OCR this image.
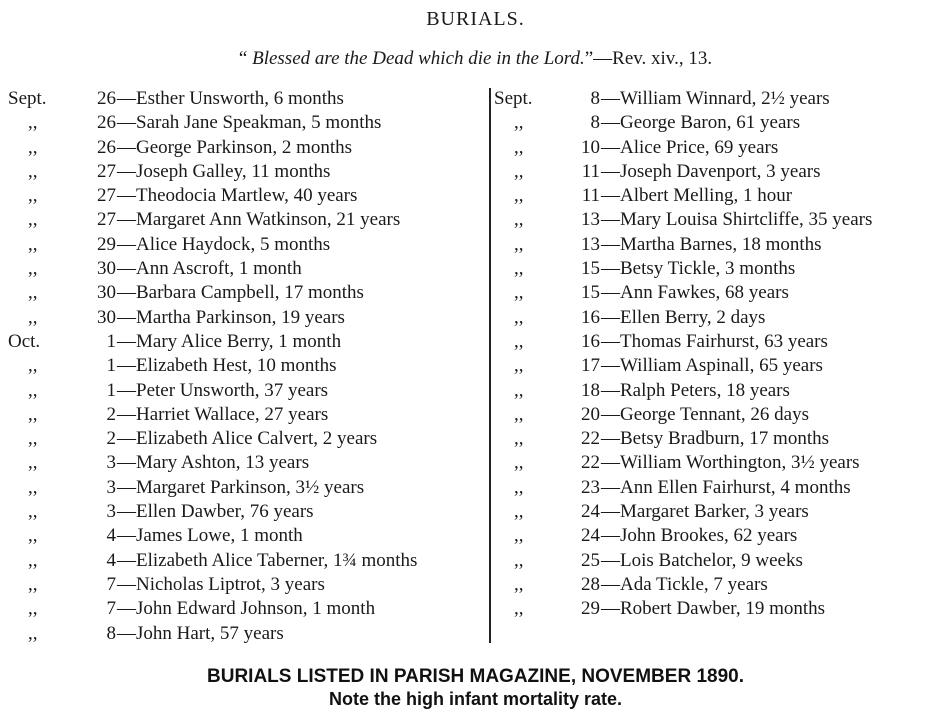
BURIALS.
“ Blessed are the Dead which die in the Lord.”—Rev. xiv., 13.
Sept.	26 —Esther Unsworth, 6 months
,,	26 —Sarah Jane Speakman, 5 months
,,	26 —George Parkinson, 2 months
,,	27 —Joseph Galley, 11 months
,,	27 —Theodocia Martlew, 40 years
,,	27 —Margaret Ann Watkinson, 21 years
,,	29 —Alice Haydock, 5 months
,,	30 —Ann Ascroft, 1 month
,,	30 —Barbara Campbell, 17 months
,,	30 —Martha Parkinson, 19 years
Oct.	1 —Mary Alice Berry, 1 month
,,	1 —Elizabeth Hest, 10 months
,,	1 —Peter Unsworth, 37 years
,,	2 —Harriet Wallace, 27 years
,,	2 —Elizabeth Alice Calvert, 2 years
,,	3 —Mary Ashton, 13 years
,,	3 —Margaret Parkinson, 3½ years
,,	3 —Ellen Dawber, 76 years
,,	4 —James Lowe, 1 month
,,	4 —Elizabeth Alice Taberner, 1¾ months
,,	7 —Nicholas Liptrot, 3 years
,,	7 —John Edward Johnson, 1 month
,,	8 —John Hart, 57 years
Sept.	8 —William Winnard, 2½ years
,,	8 —George Baron, 61 years
,,	10 —Alice Price, 69 years
,,	11 —Joseph Davenport, 3 years
,,	11 —Albert Melling, 1 hour
,,	13 —Mary Louisa Shirtcliffe, 35 years
,,	13 —Martha Barnes, 18 months
,,	15 —Betsy Tickle, 3 months
,,	15 —Ann Fawkes, 68 years
,,	16 —Ellen Berry, 2 days
,,	16 —Thomas Fairhurst, 63 years
,,	17 —William Aspinall, 65 years
,,	18 —Ralph Peters, 18 years
,,	20 —George Tennant, 26 days
,,	22 —Betsy Bradburn, 17 months
,,	22 —William Worthington, 3½ years
,,	23 —Ann Ellen Fairhurst, 4 months
,,	24 —Margaret Barker, 3 years
,,	24 —John Brookes, 62 years
,,	25 —Lois Batchelor, 9 weeks
,,	28 —Ada Tickle, 7 years
,,	29 —Robert Dawber, 19 months
BURIALS LISTED IN PARISH MAGAZINE, NOVEMBER 1890.
Note the high infant mortality rate.
